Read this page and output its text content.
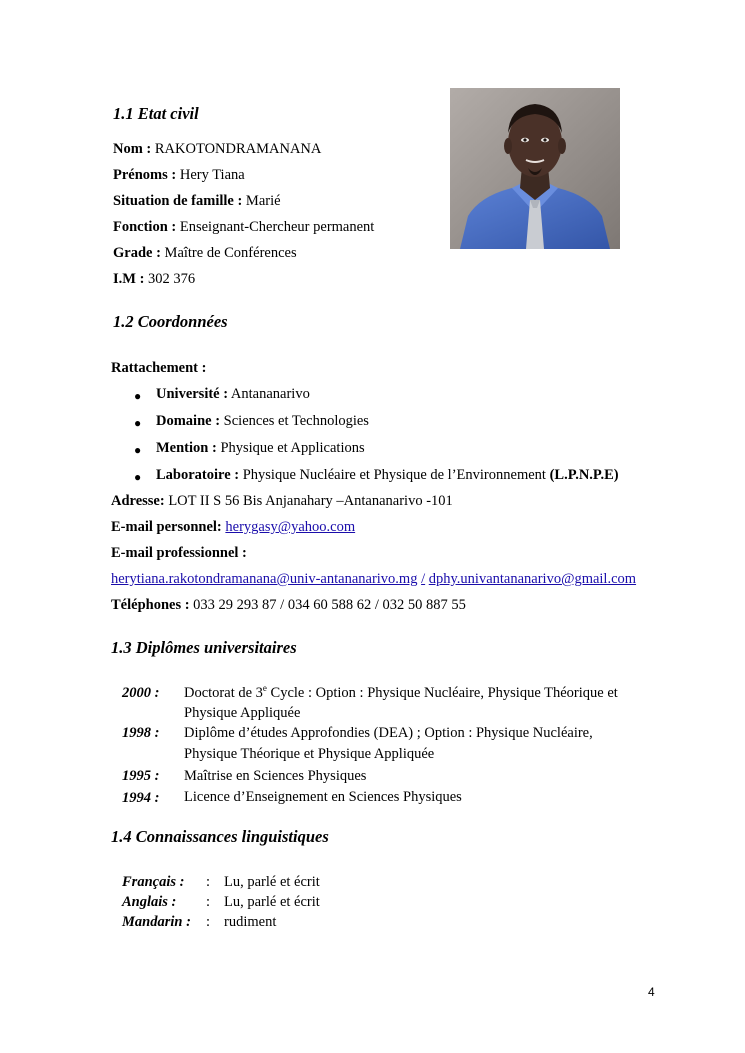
1.1 Etat civil
Nom : RAKOTONDRAMANANA
Prénoms : Hery Tiana
Situation de famille : Marié
Fonction : Enseignant-Chercheur permanent
Grade : Maître de Conférences
I.M : 302 376
1.2 Coordonnées
Rattachement :
● Université : Antananarivo
● Domaine : Sciences et Technologies
● Mention : Physique et Applications
● Laboratoire : Physique Nucléaire et Physique de l’Environnement (L.P.N.P.E)
Adresse: LOT II S 56 Bis Anjanahary –Antananarivo -101
E-mail personnel: herygasy@yahoo.com
E-mail professionnel :
herytiana.rakotondramanana@univ-antananarivo.mg / dphy.univantananarivo@gmail.com
Téléphones : 033 29 293 87 / 034 60 588 62 / 032 50 887 55
1.3 Diplômes universitaires
2000 : Doctorat de 3e Cycle : Option : Physique Nucléaire, Physique Théorique et
Physique Appliquée
1998 : Diplôme d’études Approfondies (DEA) ; Option : Physique Nucléaire,
Physique Théorique et Physique Appliquée
1995 : Maîtrise en Sciences Physiques
1994 : Licence d’Enseignement en Sciences Physiques
1.4 Connaissances linguistiques
Français : : Lu, parlé et écrit
Anglais : : Lu, parlé et écrit
Mandarin : : rudiment
4
